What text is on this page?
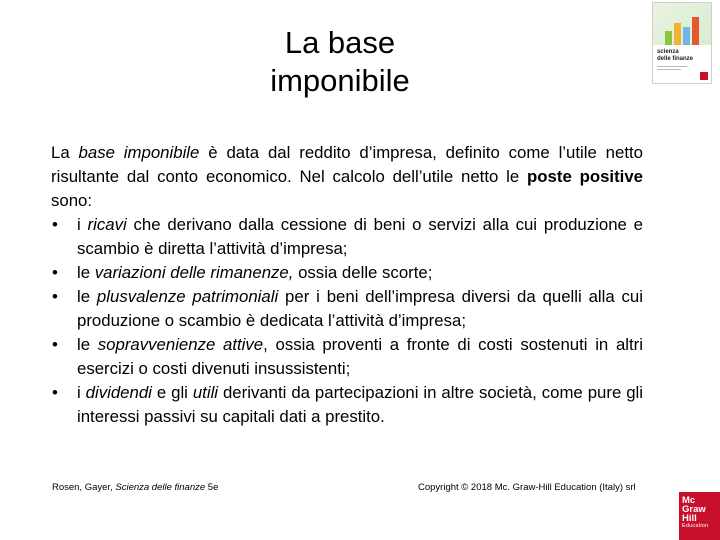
La base
imponibile
scienza
delle finanze

La base imponibile è data dal reddito d’impresa, definito come l’utile netto risultante dal conto economico. Nel calcolo dell’utile netto le poste positive sono:

• i ricavi che derivano dalla cessione di beni o servizi alla cui produzione e scambio è diretta l’attività d’impresa;
• le variazioni delle rimanenze, ossia delle scorte;
• le plusvalenze patrimoniali per i beni dell’impresa diversi da quelli alla cui produzione o scambio è dedicata l’attività d’impresa;
• le sopravvenienze attive, ossia proventi a fronte di costi sostenuti in altri esercizi o costi divenuti insussistenti;
• i dividendi e gli utili derivanti da partecipazioni in altre società, come pure gli interessi passivi su capitali dati a prestito.
Rosen, Gayer, Scienza delle finanze 5e	Copyright © 2018 Mc. Graw-Hill Education (Italy) srl
Mc
Graw
Hill
Education
